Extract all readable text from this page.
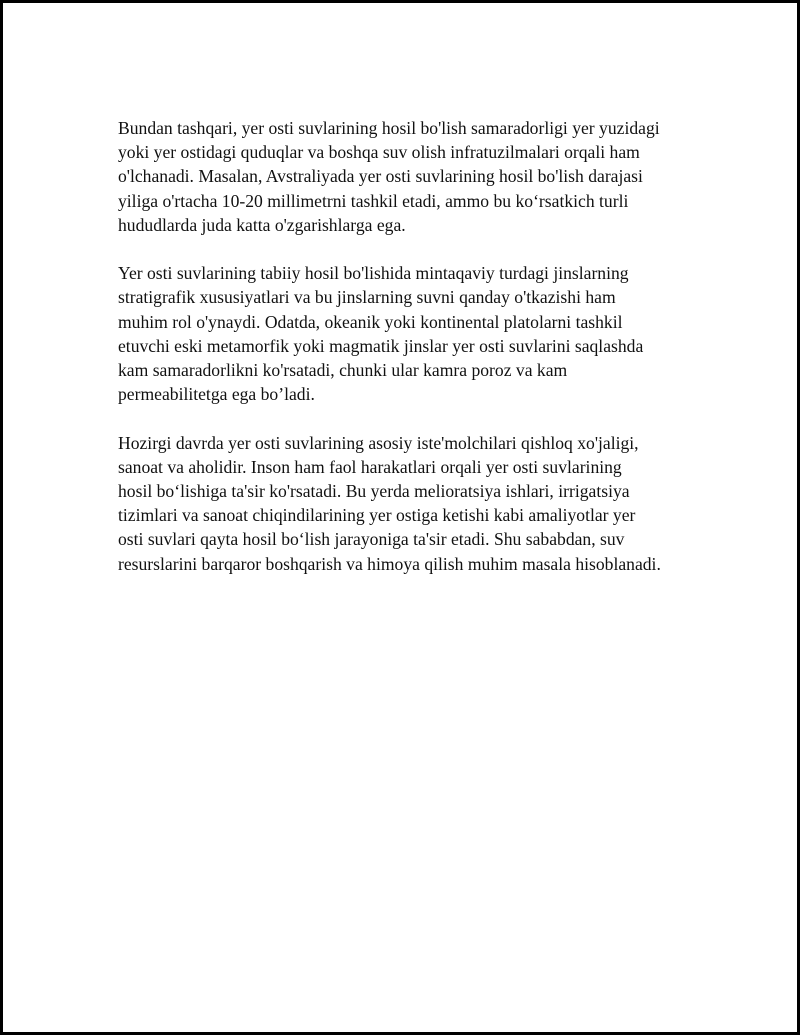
Bundan tashqari, yer osti suvlarining hosil bo'lish samaradorligi yer yuzidagi
yoki yer ostidagi quduqlar va boshqa suv olish infratuzilmalari orqali ham
o'lchanadi. Masalan, Avstraliyada yer osti suvlarining hosil bo'lish darajasi
yiliga o'rtacha 10-20 millimetrni tashkil etadi, ammo bu koʻrsatkich turli
hududlarda juda katta o'zgarishlarga ega.

Yer osti suvlarining tabiiy hosil bo'lishida mintaqaviy turdagi jinslarning
stratigrafik xususiyatlari va bu jinslarning suvni qanday o'tkazishi ham
muhim rol o'ynaydi. Odatda, okeanik yoki kontinental platolarni tashkil
etuvchi eski metamorfik yoki magmatik jinslar yer osti suvlarini saqlashda
kam samaradorlikni ko'rsatadi, chunki ular kamra poroz va kam
permeabilitetga ega bo’ladi.

Hozirgi davrda yer osti suvlarining asosiy iste'molchilari qishloq xo'jaligi,
sanoat va aholidir. Inson ham faol harakatlari orqali yer osti suvlarining
hosil boʻlishiga ta'sir ko'rsatadi. Bu yerda melioratsiya ishlari, irrigatsiya
tizimlari va sanoat chiqindilarining yer ostiga ketishi kabi amaliyotlar yer
osti suvlari qayta hosil boʻlish jarayoniga ta'sir etadi. Shu sababdan, suv
resurslarini barqaror boshqarish va himoya qilish muhim masala hisoblanadi.
